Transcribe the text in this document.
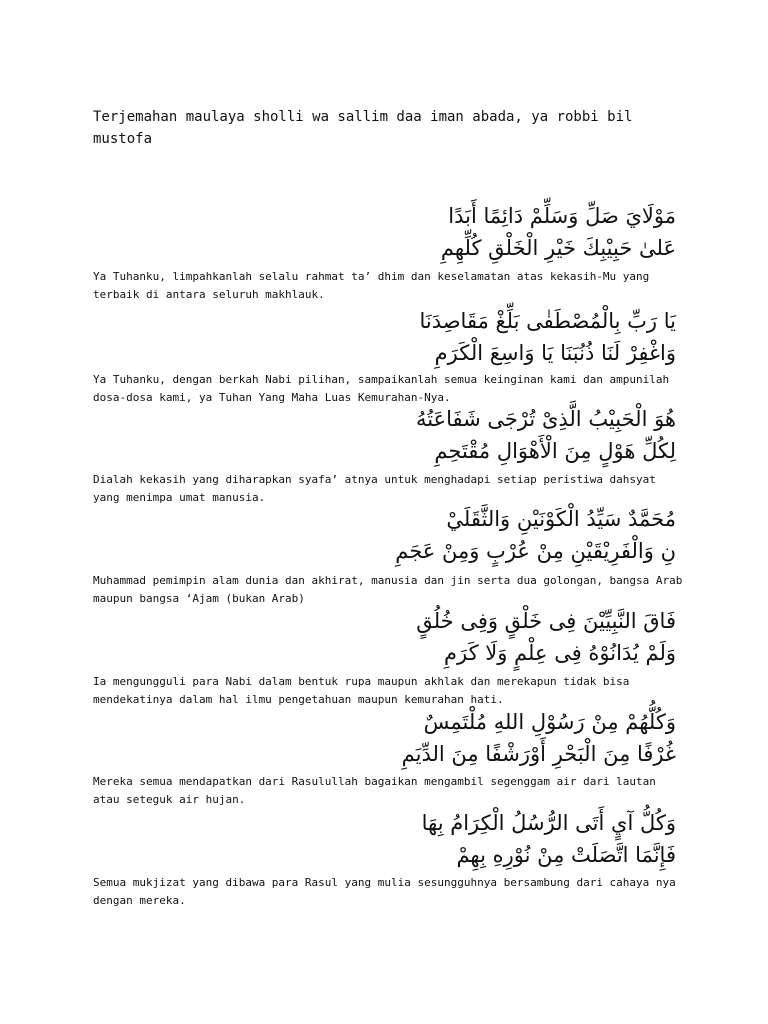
Terjemahan maulaya sholli wa sallim daa iman abada, ya robbi bil mustofa

مَوْلَايَ صَلِّ وَسَلِّمْ دَائِمًا أَبَدًا
عَلىٰ حَبِيْبِكَ خَيْرِ الْخَلْقِ كُلِّهِمِ

Ya Tuhanku, limpahkanlah selalu rahmat ta’ dhim dan keselamatan atas kekasih-Mu yang terbaik di antara seluruh makhlauk.

يَا رَبِّ بِالْمُصْطَفٰى بَلِّغْ مَقَاصِدَنَا
وَاغْفِرْ لَنَا ذُنُبَنَا يَا وَاسِعَ الْكَرَمِ

Ya Tuhanku, dengan berkah Nabi pilihan, sampaikanlah semua keinginan kami dan ampunilah dosa-dosa kami, ya Tuhan Yang Maha Luas Kemurahan-Nya.

هُوَ الْحَبِيْبُ الَّذِىْ تُرْجَى شَفَاعَتُهُ
لِكُلِّ هَوْلٍ مِنَ الْأَهْوَالِ مُقْتَحِمِ

Dialah kekasih yang diharapkan syafa’ atnya untuk menghadapi setiap peristiwa dahsyat yang menimpa umat manusia.

مُحَمَّدٌ سَيِّدُ الْكَوْنَيْنِ وَالثَّقَلَيْ
نِ وَالْفَرِيْقَيْنِ مِنْ عُرْبٍ وَمِنْ عَجَمِ

Muhammad pemimpin alam dunia dan akhirat, manusia dan jin serta dua golongan, bangsa Arab maupun bangsa ‘Ajam (bukan Arab)

فَاقَ النَّبِيِّيْنَ فِى خَلْقٍ وَفِى خُلُقٍ
وَلَمْ يُدَانُوْهُ فِى عِلْمٍ وَلَا كَرَمِ

Ia mengungguli para Nabi dalam bentuk rupa maupun akhlak dan merekapun tidak bisa mendekatinya dalam hal ilmu pengetahuan maupun kemurahan hati.

وَكُلُّهُمْ مِنْ رَسُوْلِ اللهِ مُلْتَمِسٌ
غُرْفًا مِنَ الْبَحْرِ أَوْرَشْفًا مِنَ الدِّيَمِ

Mereka semua mendapatkan dari Rasulullah bagaikan mengambil segenggam air dari lautan atau seteguk air hujan.

وَكُلُّ آيٍ أَتَى الرُّسُلُ الْكِرَامُ بِهَا
فَإِنَّمَا اتَّصَلَتْ مِنْ نُوْرِهِ بِهِمْ

Semua mukjizat yang dibawa para Rasul yang mulia sesungguhnya bersambung dari cahaya nya dengan mereka.
